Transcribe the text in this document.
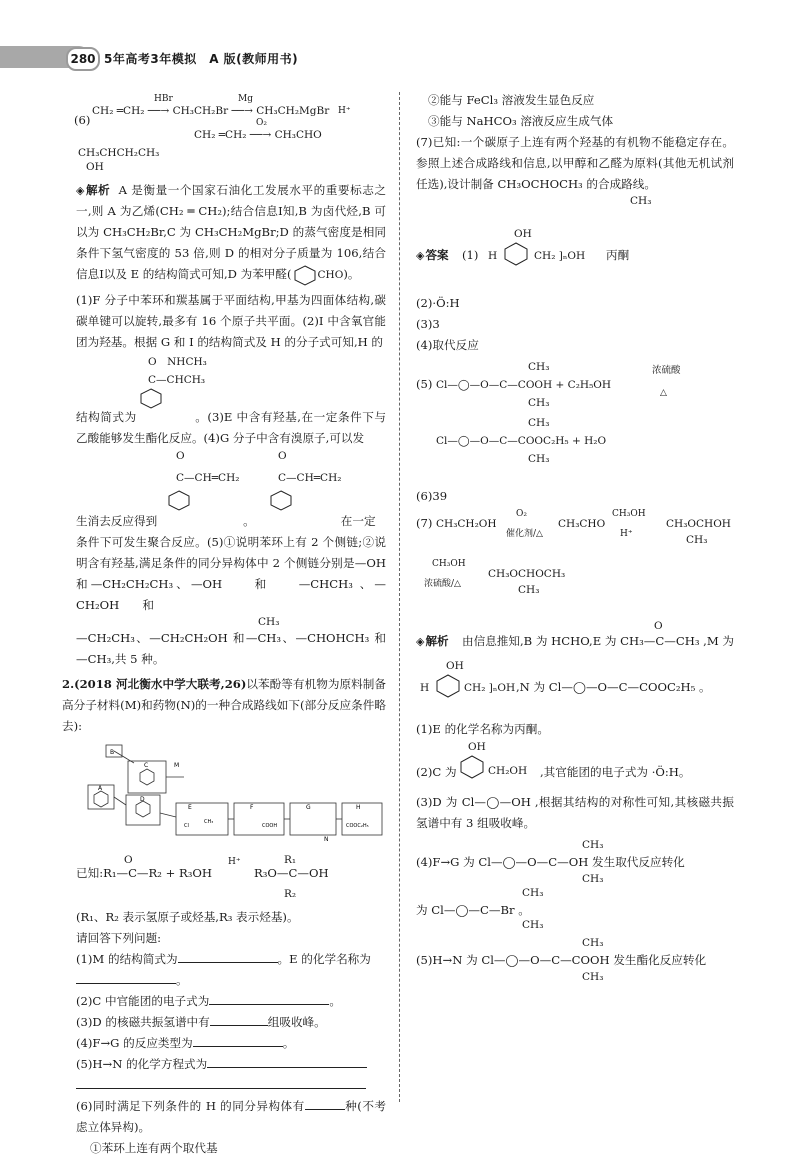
280 5年高考3年模拟　A 版(教师用书)
CH₂ ═CH₂ ──→ CH₃CH₂Br ──→ CH₃CH₂MgBr
HBr	Mg
(6)
CH₂ ═CH₂ ──→ CH₃CHO
O₂
H⁺
CH₃CHCH₂CH₃
OH

◈ 解析 A 是衡量一个国家石油化工发展水平的重要标志之一,则 A 为乙烯(CH₂ ═ CH₂);结合信息Ⅰ知,B 为卤代烃,B 可以为 CH₃CH₂Br,C 为 CH₃CH₂MgBr;D 的蒸气密度是相同条件下氢气密度的 53 倍,则 D 的相对分子质量为 106,结合信息Ⅰ以及 E 的结构简式可知,D 为苯甲醛( CHO)。

(1)F 分子中苯环和羰基属于平面结构,甲基为四面体结构,碳碳单键可以旋转,最多有 16 个原子共平面。(2)I 中含氧官能团为羟基。根据 G 和 I 的结构简式及 H 的分子式可知,H 的

O　NHCH₃
C—CHCH₃

结构简式为	。(3)E 中含有羟基,在一定条件下与乙酸能够发生酯化反应。(4)G 分子中含有溴原子,可以发

O
C—CH═CH₂
O
C—CH═CH₂

生消去反应得到	。	在一定

条件下可发生聚合反应。(5)①说明苯环上有 2 个侧链;②说明含有羟基,满足条件的同分异构体中 2 个侧链分别是—OH 和—CH₂CH₂CH₃、—OH　　和　　—CHCH₃ 、—CH₂OH　　和

CH₃

—CH₂CH₃、—CH₂CH₂OH 和—CH₃、—CHOHCH₃ 和—CH₃,共 5 种。

2.(2018 河北衡水中学大联考,26)以苯酚等有机物为原料制备高分子材料(M)和药物(N)的一种合成路线如下(部分反应条件略去):

B
A
C
D
E	F	G	H
Cl
CH₃
COOH	COOC₂H₅
M
N
O
已知:R₁—C—R₂ + R₃OH
H⁺	R₁
R₃O—C—OH
R₂

(R₁、R₂ 表示氢原子或烃基,R₃ 表示烃基)。

请回答下列问题:

(1)M 的结构简式为	。E 的化学名称为
。

(2)C 中官能团的电子式为	。

(3)D 的核磁共振氢谱中有	组吸收峰。

(4)F→G 的反应类型为	。

(5)H→N 的化学方程式为

(6)同时满足下列条件的 H 的同分异构体有	种(不考虑立体异构)。

①苯环上连有两个取代基

②能与 FeCl₃ 溶液发生显色反应

③能与 NaHCO₃ 溶液反应生成气体

(7)已知:一个碳原子上连有两个羟基的有机物不能稳定存在。参照上述合成路线和信息,以甲醇和乙醛为原料(其他无机试剂任选),设计制备 CH₃OCHOCH₃ 的合成路线。

CH₃

◈ 答案 (1) H
OH
CH₂ ]ₙOH 丙酮

(2)·Ö:H

(3)3

(4)取代反应

CH₃
(5) Cl—◯—O—C—COOH + C₂H₅OH
CH₃
浓硫酸
△
CH₃
Cl—◯—O—C—COOC₂H₅ + H₂O
CH₃

(6)39

(7) CH₃CH₂OH
O₂
催化剂/△
CH₃CHO
CH₃OH
H⁺
CH₃OCHOH
CH₃
CH₃OH
浓硫酸/△
CH₃OCHOCH₃
CH₃
O
◈ 解析 由信息推知,B 为 HCHO,E 为 CH₃—C—CH₃ ,M 为
OH
H	CH₂ ]ₙOH ,N 为 Cl—◯—O—C—COOC₂H₅ 。

(1)E 的化学名称为丙酮。

OH
(2)C 为	CH₂OH ,其官能团的电子式为 ·Ö:H。

(3)D 为 Cl—◯—OH ,根据其结构的对称性可知,其核磁共振氢谱中有 3 组吸收峰。

CH₃
(4)F→G 为 Cl—◯—O—C—OH 发生取代反应转化
CH₃
CH₃
为 Cl—◯—C—Br 。
CH₃
CH₃
(5)H→N 为 Cl—◯—O—C—COOH 发生酯化反应转化
CH₃
